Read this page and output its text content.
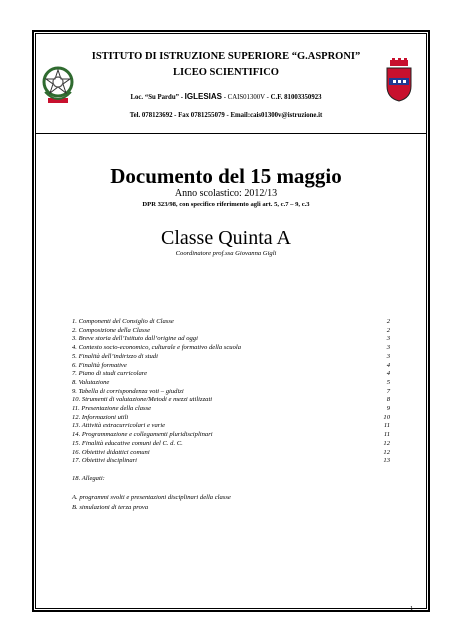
ISTITUTO DI ISTRUZIONE SUPERIORE “G.ASPRONI”
LICEO SCIENTIFICO
Loc. “Su Pardu” - IGLESIAS - CAIS01300V - C.F. 81003350923
Tel. 078123692 - Fax 0781255079 - Email:cais01300v@istruzione.it
Documento del 15 maggio
Anno scolastico: 2012/13
DPR 323/98, con specifico riferimento agli art. 5, c.7 – 9, c.3
Classe Quinta A
Coordinatore prof.ssa Giovanna Gigli
1. Componenti del Consiglio di Classe	2
2. Composizione della Classe	2
3. Breve storia dell’Istituto dall’origine ad oggi	3
4. Contesto socio-economico, culturale e formativo della scuola	3
5. Finalità dell’indirizzo di studi	3
6. Finalità formative	4
7. Piano di studi curricolare	4
8. Valutazione	5
9. Tabella di corrispondenza voti – giudizi	7
10. Strumenti di valutazione/Metodi e mezzi utilizzati	8
11. Presentazione della classe	9
12. Informazioni utili	10
13. Attività extracurricolari e varie	11
14. Programmazione e collegamenti pluridisciplinari	11
15. Finalità educative comuni del C. d. C.	12
16. Obiettivi didattici comuni	12
17. Obiettivi disciplinari	13
18. Allegati:
A. programmi svolti e presentazioni disciplinari della classe
B. simulazioni di terza prova
1
